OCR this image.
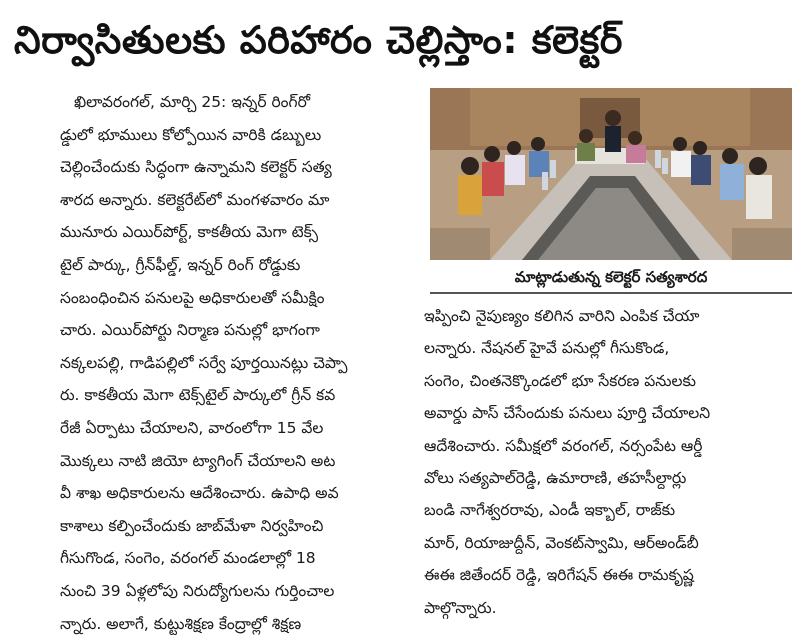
నిర్వాసితులకు పరిహారం చెల్లిస్తాం: కలెక్టర్
ఖిలావరంగల్, మార్చి 25: ఇన్నర్ రింగ్‌రో
డ్డులో భూములు కోల్పోయిన వారికి డబ్బులు
చెల్లించేందుకు సిద్ధంగా ఉన్నామని కలెక్టర్ సత్య
శారద అన్నారు. కలెక్టరేట్‌లో మంగళవారం మా
మునూరు ఎయిర్‌పోర్ట్, కాకతీయ మెగా టెక్స్
టైల్ పార్కు, గ్రీన్‌ఫీల్డ్, ఇన్నర్ రింగ్ రోడ్డుకు
సంబంధించిన పనులపై అధికారులతో సమీక్షిం
చారు. ఎయిర్‌పోర్టు నిర్మాణ పనుల్లో భాగంగా
నక్కలపల్లి, గాడిపల్లిలో సర్వే పూర్తయినట్లు చెప్పా
రు. కాకతీయ మెగా టెక్స్‌టైల్ పార్కులో గ్రీన్ కవ
రేజీ ఏర్పాటు చేయాలని, వారంలోగా 15 వేల
మొక్కలు నాటి జియో ట్యాగింగ్ చేయాలని అట
వీ శాఖ అధికారులను ఆదేశించారు. ఉపాధి అవ
కాశాలు కల్పించేందుకు జాబ్‌మేళా నిర్వహించి
గీసుగొండ, సంగెం, వరంగల్ మండలాల్లో 18
నుంచి 39 ఏళ్లలోపు నిరుద్యోగులను గుర్తించాల
న్నారు. అలాగే, కుట్టుశిక్షణ కేంద్రాల్లో శిక్షణ
మాట్లాడుతున్న కలెక్టర్ సత్యశారద
ఇప్పించి నైపుణ్యం కలిగిన వారిని ఎంపిక చేయా
లన్నారు. నేషనల్ హైవే పనుల్లో గీసుకొండ,
సంగెం, చింతనెక్కొండలో భూ సేకరణ పనులకు
అవార్డు పాస్ చేసేందుకు పనులు పూర్తి చేయాలని
ఆదేశించారు. సమీక్షలో వరంగల్, నర్సంపేట ఆర్డీ
వోలు సత్యపాల్‌రెడ్డి, ఉమారాణి, తహసీల్దార్లు
బండి నాగేశ్వరరావు, ఎండీ ఇక్బాల్, రాజ్‌కు
మార్, రియాజుద్దీన్, వెంకట్‌స్వామి, ఆర్‌అండ్‌బీ
ఈఈ జితేందర్ రెడ్డి, ఇరిగేషన్ ఈఈ రామకృష్ణ
పాల్గొన్నారు.
